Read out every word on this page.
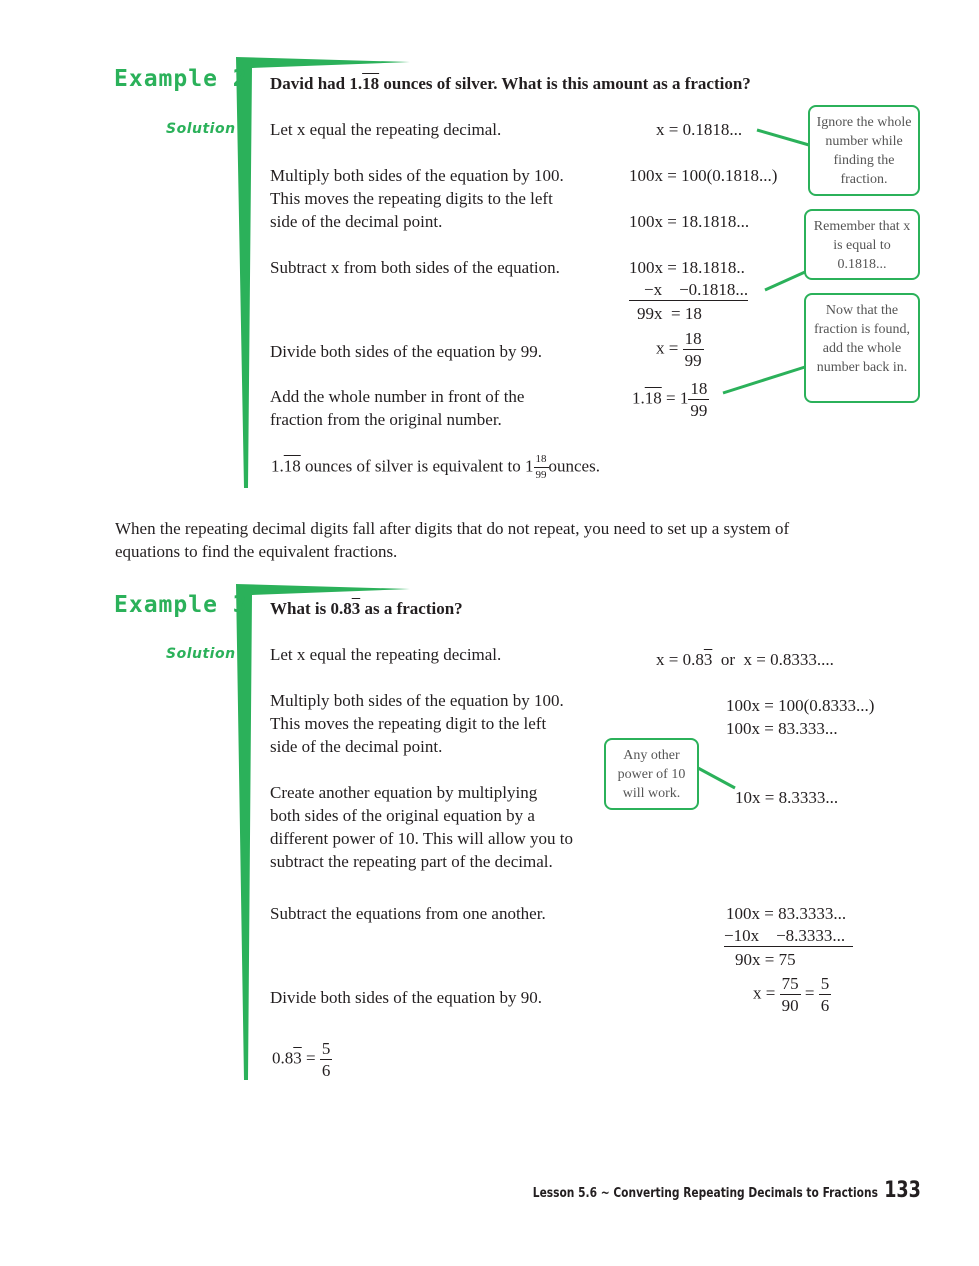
Example 2
Solution
David had 1.18 ounces of silver. What is this amount as a fraction?
Let x equal the repeating decimal.
Multiply both sides of the equation by 100.
This moves the repeating digits to the left
side of the decimal point.
Subtract x from both sides of the equation.
Divide both sides of the equation by 99.
Add the whole number in front of the
fraction from the original number.
x = 0.1818...
100x = 100(0.1818...)
100x = 18.1818...
100x = 18.1818..
−x    −0.1818...
99x  = 18
$x = \frac{18}{99}$
$1.18 = 1 \frac{18}{99}$
1.18 ounces of silver is equivalent to $1 \frac{18}{99}$ ounces.
Ignore the whole number while finding the fraction.
Remember that x is equal to 0.1818...
Now that the fraction is found, add the whole number back in.
When the repeating decimal digits fall after digits that do not repeat, you need to set up a system of
equations to find the equivalent fractions.
Example 3
Solution
What is 0.83 as a fraction?
Let x equal the repeating decimal.
Multiply both sides of the equation by 100.
This moves the repeating digit to the left
side of the decimal point.
Create another equation by multiplying
both sides of the original equation by a
different power of 10. This will allow you to
subtract the repeating part of the decimal.
Subtract the equations from one another.
Divide both sides of the equation by 90.
x = 0.83  or  x = 0.8333....
100x = 100(0.8333...)
100x = 83.333...
10x = 8.3333...
100x = 83.3333...
−10x    −8.3333...
90x = 75
$x = \frac{75}{90} = \frac{5}{6}$
$0.83 = \frac{5}{6}$
Any other power of 10 will work.
Lesson 5.6 ~ Converting Repeating Decimals to Fractions 133
